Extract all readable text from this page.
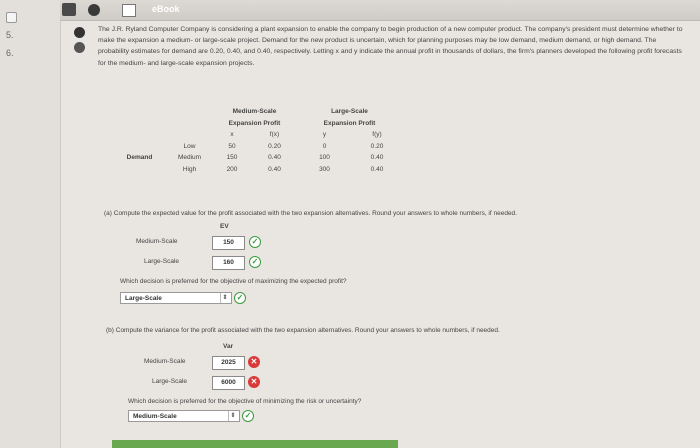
5.
6.
eBook
The J.R. Ryland Computer Company is considering a plant expansion to enable the company to begin production of a new computer product. The company's president must determine whether to make the expansion a medium- or large-scale project. Demand for the new product is uncertain, which for planning purposes may be low demand, medium demand, or high demand. The probability estimates for demand are 0.20, 0.40, and 0.40, respectively. Letting x and y indicate the annual profit in thousands of dollars, the firm's planners developed the following profit forecasts for the medium- and large-scale expansion projects.
		Medium-Scale		Large-Scale	
		Expansion Profit		Expansion Profit	
		x	f(x)	y	f(y)
	Low	50	0.20	0	0.20
Demand	Medium	150	0.40	100	0.40
	High	200	0.40	300	0.40
(a) Compute the expected value for the profit associated with the two expansion alternatives. Round your answers to whole numbers, if needed.
EV
Medium-Scale	150	✓
Large-Scale	160	✓
Which decision is preferred for the objective of maximizing the expected profit?
Large-Scale	⇕	✓
(b) Compute the variance for the profit associated with the two expansion alternatives. Round your answers to whole numbers, if needed.
Var
Medium-Scale	2025	✕
Large-Scale	6000	✕
Which decision is preferred for the objective of minimizing the risk or uncertainty?
Medium-Scale	⇕	✓
